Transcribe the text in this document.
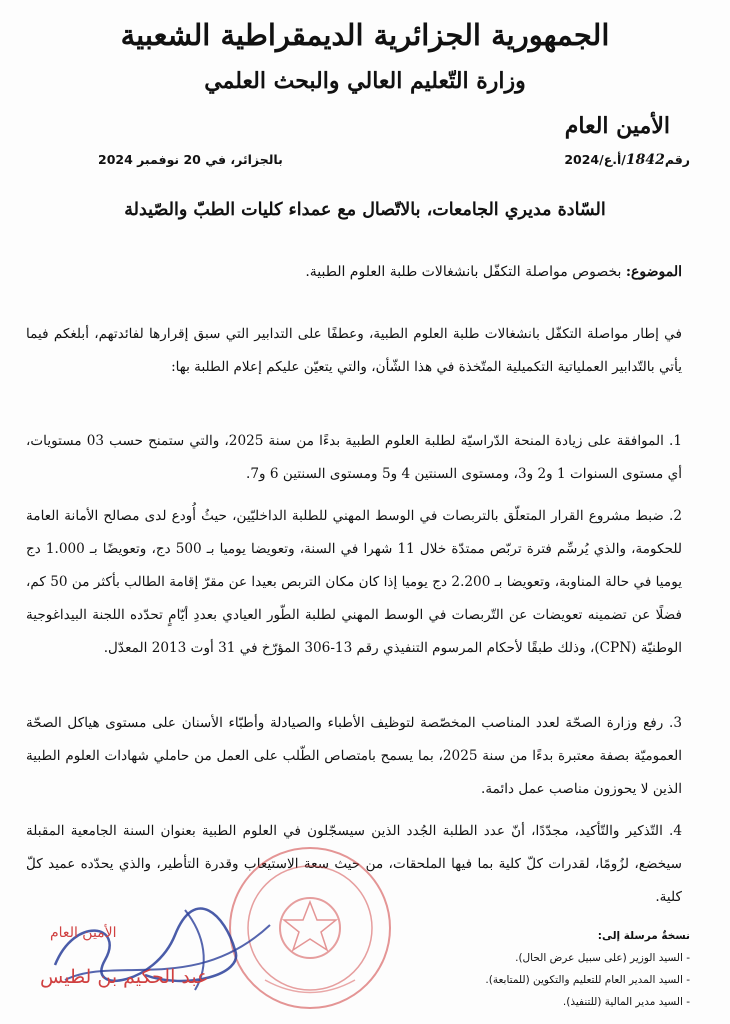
الجمهورية الجزائرية الديمقراطية الشعبية
وزارة التّعليم العالي والبحث العلمي
الأمين العام
رقم1842/أ.ع/2024
بالجزائر، في 20 نوفمبر 2024
السّادة مديري الجامعات، بالاتّصال مع عمداء كليات الطبّ والصّيدلة
الموضوع: بخصوص مواصلة التكفّل بانشغالات طلبة العلوم الطبية.
في إطار مواصلة التكفّل بانشغالات طلبة العلوم الطبية، وعطفًا على التدابير التي سبق إقرارها لفائدتهم، أبلغكم فيما يأتي بالتّدابير العملياتية التكميلية المتّخذة في هذا الشّأن، والتي يتعيّن عليكم إعلام الطلبة بها:
1. الموافقة على زيادة المنحة الدّراسيّة لطلبة العلوم الطبية بدءًا من سنة 2025، والتي ستمنح حسب 03 مستويات، أي مستوى السنوات 1 و2 و3، ومستوى السنتين 4 و5 ومستوى السنتين 6 و7.
2. ضبط مشروع القرار المتعلّق بالتربصات في الوسط المهني للطلبة الداخليّين، حيثُ أُودع لدى مصالح الأمانة العامة للحكومة، والذي يُرسِّم فترة تربّص ممتدّة خلال 11 شهرا في السنة، وتعويضا يوميا بـ 500 دج، وتعويضًا بـ 1.000 دج يوميا في حالة المناوبة، وتعويضا بـ 2.200 دج يوميا إذا كان مكان التربص بعيدا عن مقرّ إقامة الطالب بأكثر من 50 كم، فضلًا عن تضمينه تعويضات عن التّربصات في الوسط المهني لطلبة الطّور العيادي بعددِ أيّامٍ تحدّده اللجنة البيداغوجية الوطنيّة (CPN)، وذلك طبقًا لأحكام المرسوم التنفيذي رقم 13-306 المؤرّخ في 31 أوت 2013 المعدّل.
3. رفع وزارة الصحّة لعدد المناصب المخصّصة لتوظيف الأطباء والصيادلة وأطبّاء الأسنان على مستوى هياكل الصحّة العموميّة بصفة معتبرة بدءًا من سنة 2025، بما يسمح بامتصاص الطّلب على العمل من حاملي شهادات العلوم الطبية الذين لا يحوزون مناصب عمل دائمة.
4. التّذكير والتّأكيد، مجدّدًا، أنّ عدد الطلبة الجُدد الذين سيسجّلون في العلوم الطبية بعنوان السنة الجامعية المقبلة سيخضع، لزُومًا، لقدرات كلّ كلية بما فيها الملحقات، من حيث سعة الاستيعاب وقدرة التأطير، والذي يحدّده عميد كلّ كلية.
الأمين العام
عبد الحكيم بن لطيس
نسخةٌ مرسلة إلى:
- السيد الوزير (على سبيل عرض الحال).
- السيد المدير العام للتعليم والتكوين (للمتابعة).
- السيد مدير المالية (للتنفيذ).
